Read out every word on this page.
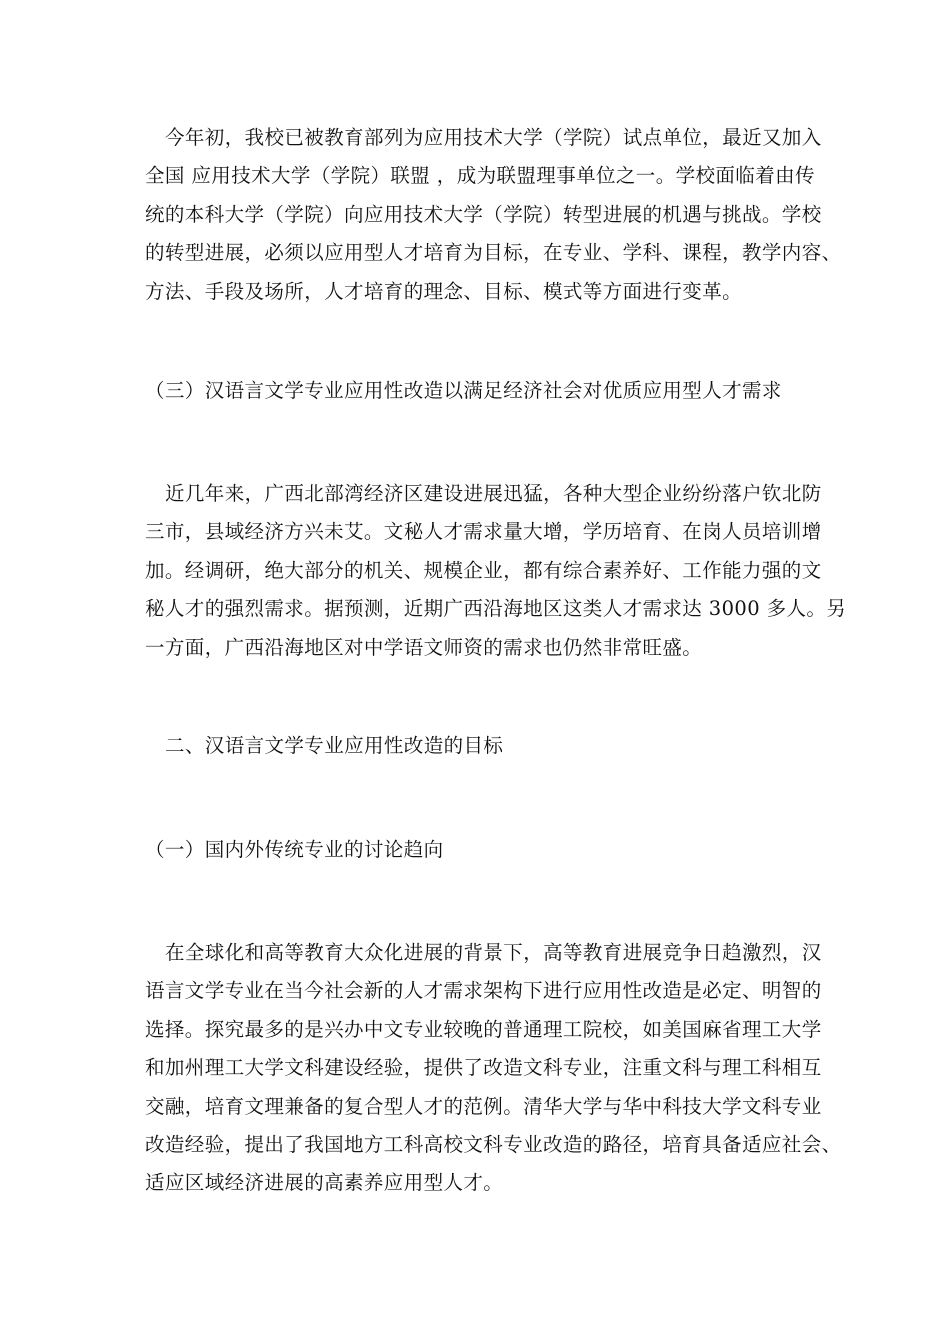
今年初，我校已被教育部列为应用技术大学（学院）试点单位，最近又加入
全国 应用技术大学（学院）联盟 ，成为联盟理事单位之一。学校面临着由传
统的本科大学（学院）向应用技术大学（学院）转型进展的机遇与挑战。学校
的转型进展，必须以应用型人才培育为目标，在专业、学科、课程，教学内容、
方法、手段及场所，人才培育的理念、目标、模式等方面进行变革。
（三）汉语言文学专业应用性改造以满足经济社会对优质应用型人才需求
近几年来，广西北部湾经济区建设进展迅猛，各种大型企业纷纷落户钦北防
三市，县域经济方兴未艾。文秘人才需求量大增，学历培育、在岗人员培训增
加。经调研，绝大部分的机关、规模企业，都有综合素养好、工作能力强的文
秘人才的强烈需求。据预测，近期广西沿海地区这类人才需求达 3000 多人。另
一方面，广西沿海地区对中学语文师资的需求也仍然非常旺盛。
二、汉语言文学专业应用性改造的目标
（一）国内外传统专业的讨论趋向
在全球化和高等教育大众化进展的背景下，高等教育进展竞争日趋激烈，汉
语言文学专业在当今社会新的人才需求架构下进行应用性改造是必定、明智的
选择。探究最多的是兴办中文专业较晚的普通理工院校，如美国麻省理工大学
和加州理工大学文科建设经验，提供了改造文科专业，注重文科与理工科相互
交融，培育文理兼备的复合型人才的范例。清华大学与华中科技大学文科专业
改造经验，提出了我国地方工科高校文科专业改造的路径，培育具备适应社会、
适应区域经济进展的高素养应用型人才。
